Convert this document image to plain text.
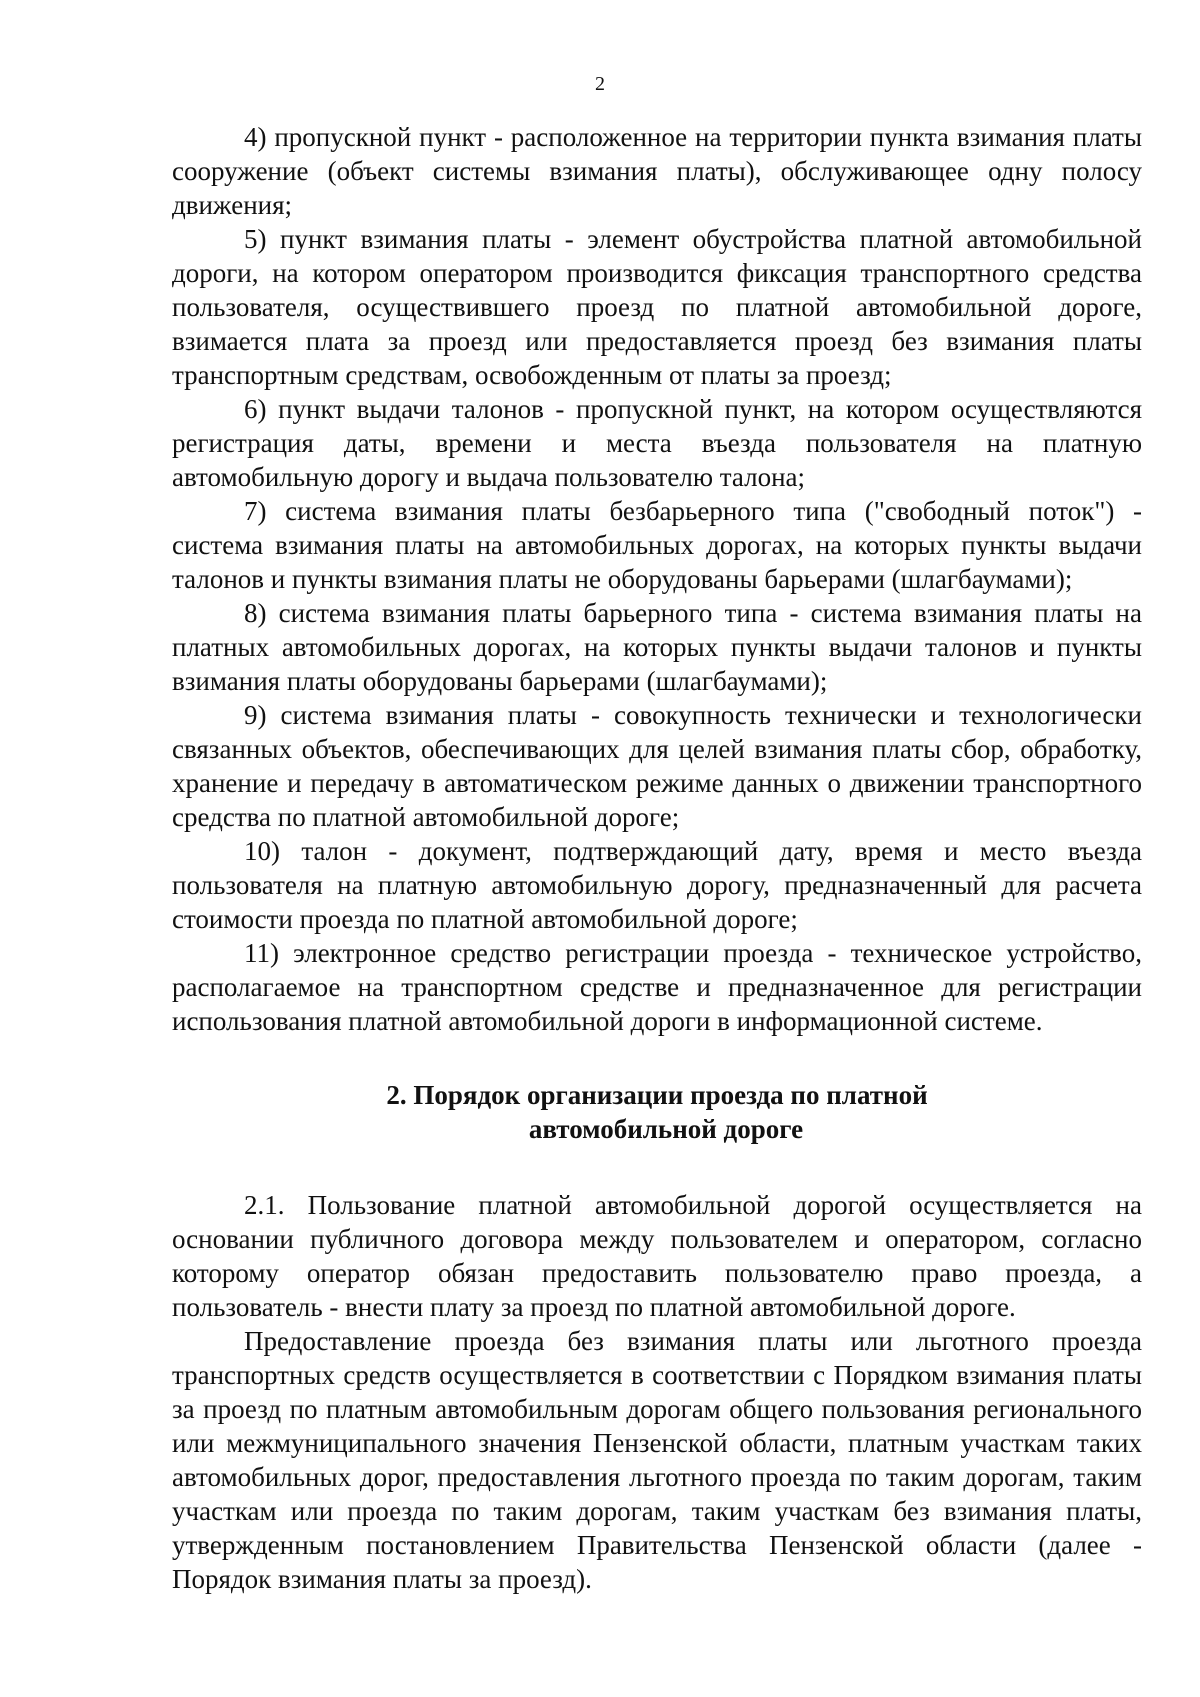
2

4) пропускной пункт - расположенное на территории пункта взимания платы сооружение (объект системы взимания платы), обслуживающее одну полосу движения;

5) пункт взимания платы - элемент обустройства платной автомобильной дороги, на котором оператором производится фиксация транспортного средства пользователя, осуществившего проезд по платной автомобильной дороге, взимается плата за проезд или предоставляется проезд без взимания платы транспортным средствам, освобожденным от платы за проезд;

6) пункт выдачи талонов - пропускной пункт, на котором осуществляются регистрация даты, времени и места въезда пользователя на платную автомобильную дорогу и выдача пользователю талона;

7) система взимания платы безбарьерного типа ("свободный поток") - система взимания платы на автомобильных дорогах, на которых пункты выдачи талонов и пункты взимания платы не оборудованы барьерами (шлагбаумами);

8) система взимания платы барьерного типа - система взимания платы на платных автомобильных дорогах, на которых пункты выдачи талонов и пункты взимания платы оборудованы барьерами (шлагбаумами);

9) система взимания платы - совокупность технически и технологически связанных объектов, обеспечивающих для целей взимания платы сбор, обработку, хранение и передачу в автоматическом режиме данных о движении транспортного средства по платной автомобильной дороге;

10) талон - документ, подтверждающий дату, время и место въезда пользователя на платную автомобильную дорогу, предназначенный для расчета стоимости проезда по платной автомобильной дороге;

11) электронное средство регистрации проезда - техническое устройство, располагаемое на транспортном средстве и предназначенное для регистрации использования платной автомобильной дороги в информационной системе.

2. Порядок организации проезда по платной
автомобильной дороге

2.1. Пользование платной автомобильной дорогой осуществляется на основании публичного договора между пользователем и оператором, согласно которому оператор обязан предоставить пользователю право проезда, а пользователь - внести плату за проезд по платной автомобильной дороге.

Предоставление проезда без взимания платы или льготного проезда транспортных средств осуществляется в соответствии с Порядком взимания платы за проезд по платным автомобильным дорогам общего пользования регионального или межмуниципального значения Пензенской области, платным участкам таких автомобильных дорог, предоставления льготного проезда по таким дорогам, таким участкам или проезда по таким дорогам, таким участкам без взимания платы, утвержденным постановлением Правительства Пензенской области (далее - Порядок взимания платы за проезд).
